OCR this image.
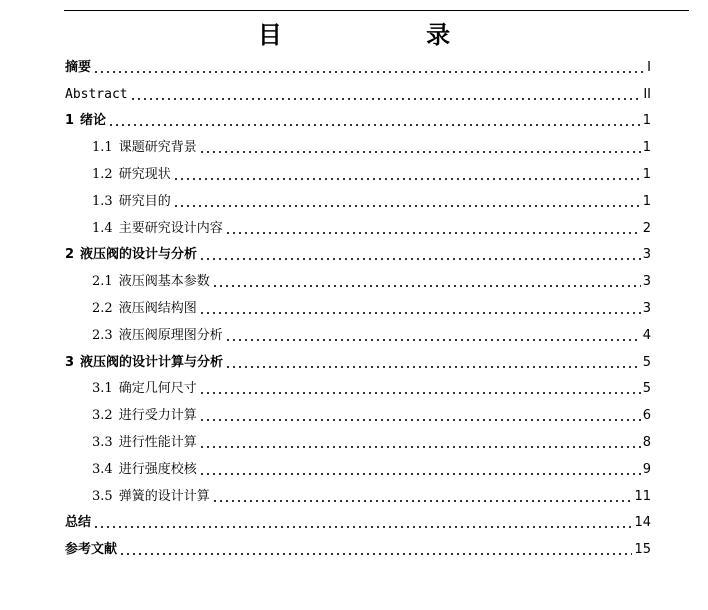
目 录
摘要	I
Abstract	II
1 绪论	1
1.1 课题研究背景	1
1.2 研究现状	1
1.3 研究目的	1
1.4 主要研究设计内容	2
2 液压阀的设计与分析	3
2.1 液压阀基本参数	3
2.2 液压阀结构图	3
2.3 液压阀原理图分析	4
3 液压阀的设计计算与分析	5
3.1 确定几何尺寸	5
3.2 进行受力计算	6
3.3 进行性能计算	8
3.4 进行强度校核	9
3.5 弹簧的设计计算	11
总结	14
参考文献	15
